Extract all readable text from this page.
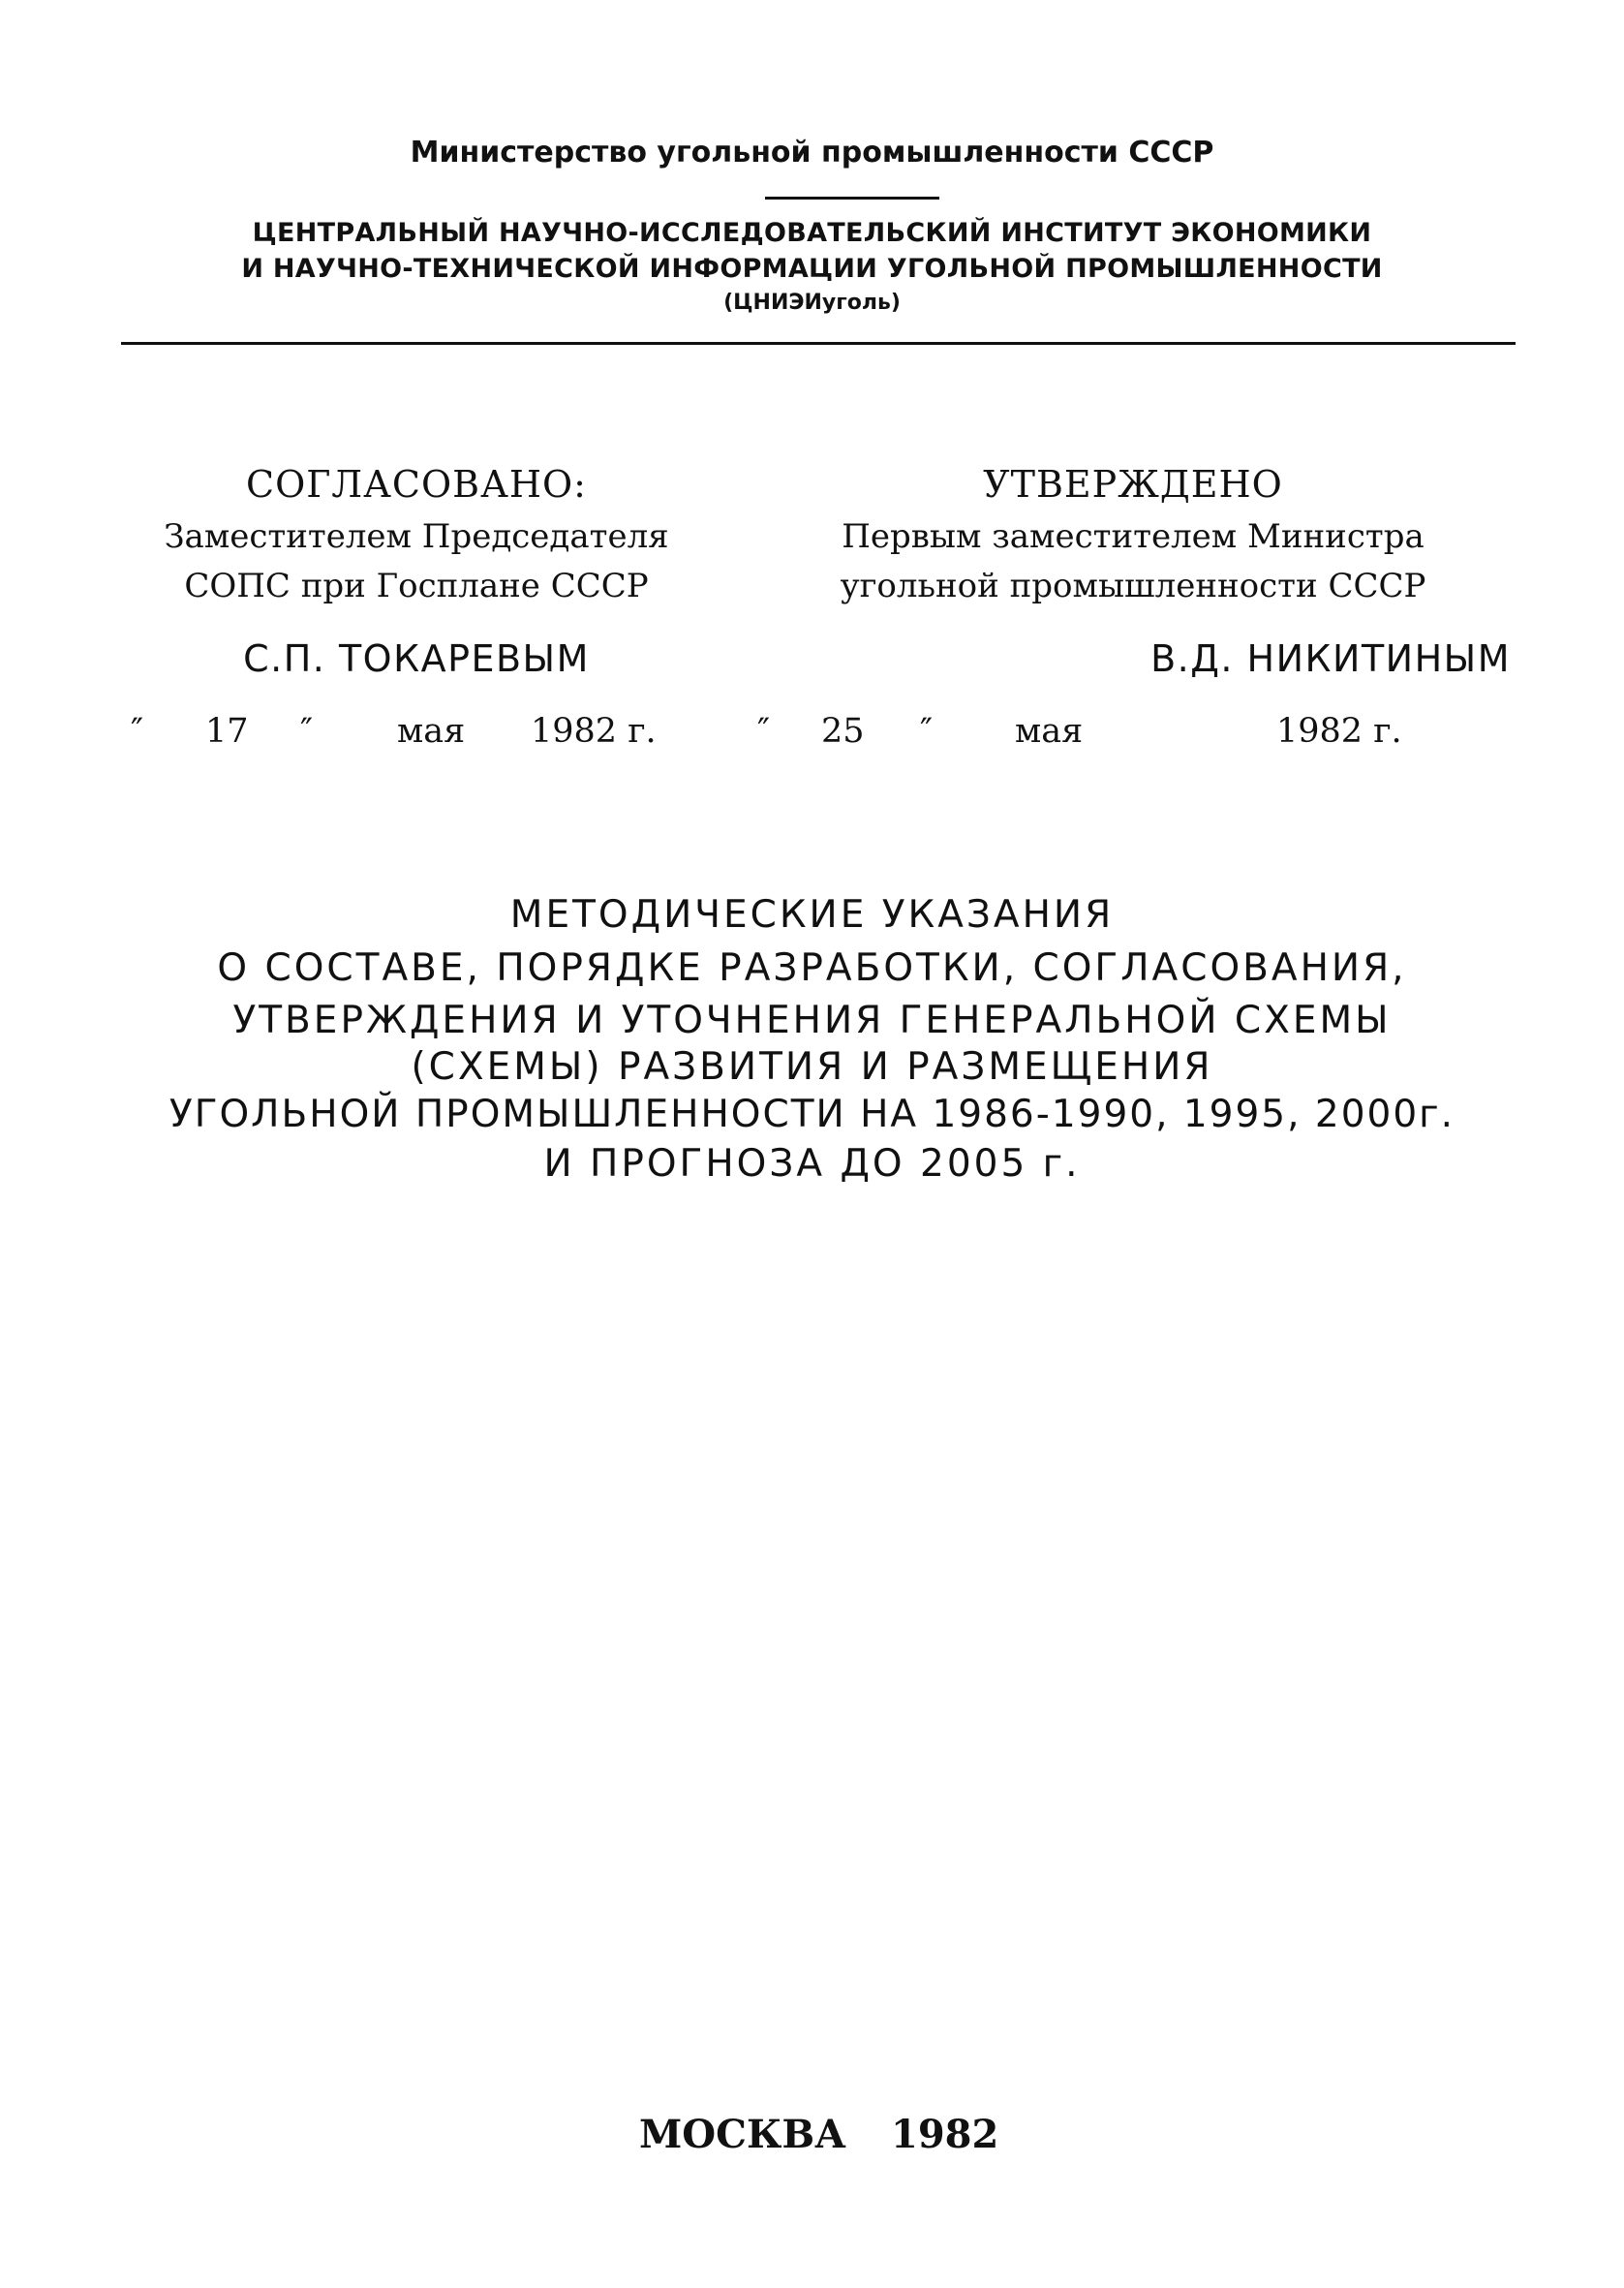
Министерство угольной промышленности СССР
ЦЕНТРАЛЬНЫЙ НАУЧНО-ИССЛЕДОВАТЕЛЬСКИЙ ИНСТИТУТ ЭКОНОМИКИ
И НАУЧНО-ТЕХНИЧЕСКОЙ ИНФОРМАЦИИ УГОЛЬНОЙ ПРОМЫШЛЕННОСТИ
(ЦНИЭИуголь)
СОГЛАСОВАНО:
Заместителем Председателя
СОПС при Госплане СССР
С.П. ТОКАРЕВЫМ
″ 17 ″ мая 1982 г.
УТВЕРЖДЕНО
Первым заместителем Министра
угольной промышленности СССР
В.Д. НИКИТИНЫМ
″ 25 ″ мая	1982 г.
МЕТОДИЧЕСКИЕ УКАЗАНИЯ
О СОСТАВЕ, ПОРЯДКЕ РАЗРАБОТКИ, СОГЛАСОВАНИЯ,
УТВЕРЖДЕНИЯ И УТОЧНЕНИЯ ГЕНЕРАЛЬНОЙ СХЕМЫ
(СХЕМЫ) РАЗВИТИЯ И РАЗМЕЩЕНИЯ
УГОЛЬНОЙ ПРОМЫШЛЕННОСТИ НА 1986-1990, 1995, 2000г.
И ПРОГНОЗА ДО 2005 г.
МОСКВА 1982
